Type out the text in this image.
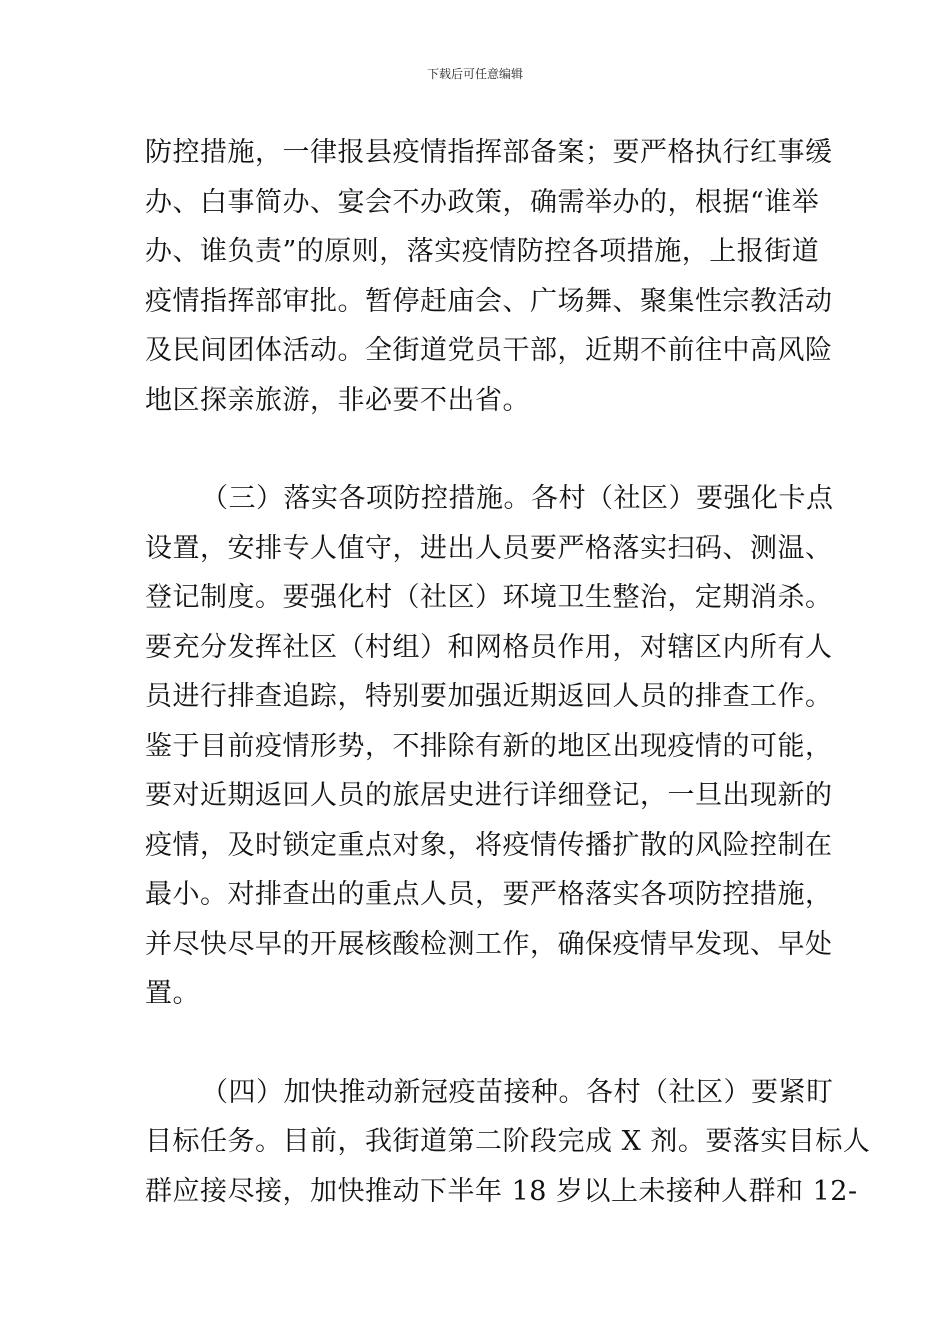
下载后可任意编辑
防控措施，一律报县疫情指挥部备案；要严格执行红事缓
办、白事简办、宴会不办政策，确需举办的，根据“谁举
办、谁负责”的原则，落实疫情防控各项措施，上报街道
疫情指挥部审批。暂停赶庙会、广场舞、聚集性宗教活动
及民间团体活动。全街道党员干部，近期不前往中高风险
地区探亲旅游，非必要不出省。
（三）落实各项防控措施。各村（社区）要强化卡点
设置，安排专人值守，进出人员要严格落实扫码、测温、
登记制度。要强化村（社区）环境卫生整治，定期消杀。
要充分发挥社区（村组）和网格员作用，对辖区内所有人
员进行排查追踪，特别要加强近期返回人员的排查工作。
鉴于目前疫情形势，不排除有新的地区出现疫情的可能，
要对近期返回人员的旅居史进行详细登记，一旦出现新的
疫情，及时锁定重点对象，将疫情传播扩散的风险控制在
最小。对排查出的重点人员，要严格落实各项防控措施，
并尽快尽早的开展核酸检测工作，确保疫情早发现、早处
置。
（四）加快推动新冠疫苗接种。各村（社区）要紧盯
目标任务。目前，我街道第二阶段完成 X 剂。要落实目标人
群应接尽接，加快推动下半年 18 岁以上未接种人群和 12-
